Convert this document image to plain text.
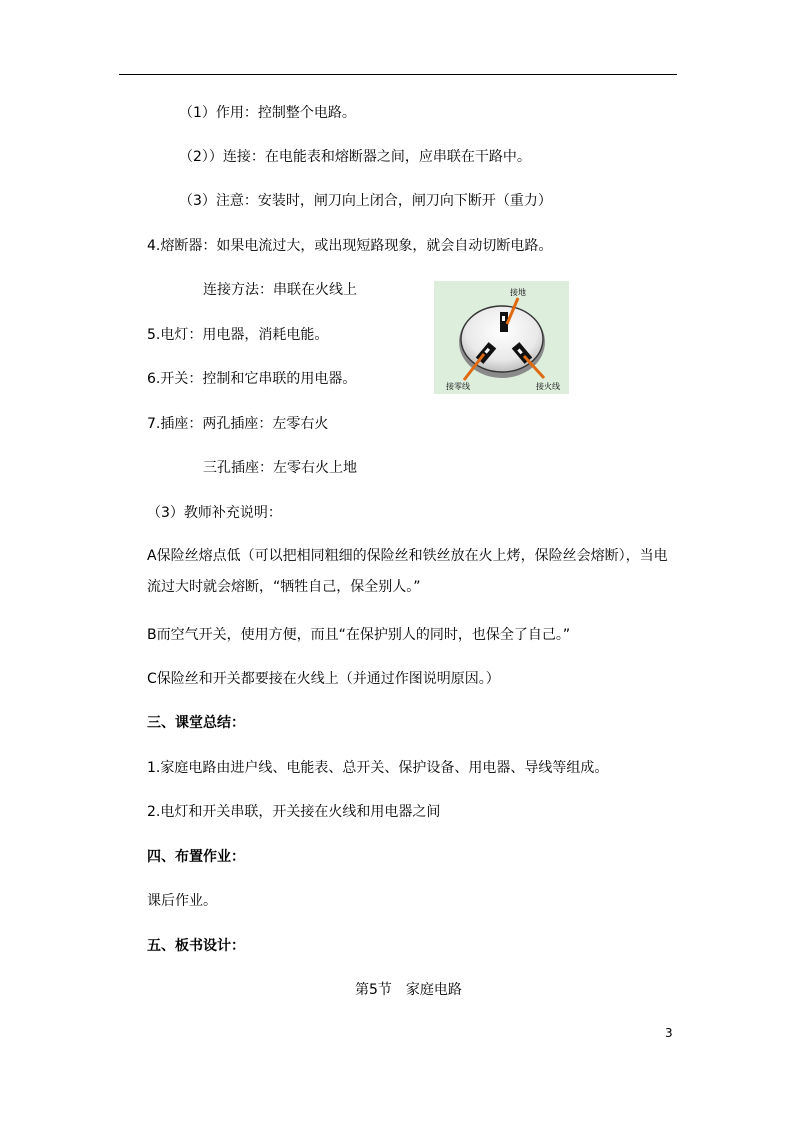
（1）作用：控制整个电路。
（2））连接：在电能表和熔断器之间，应串联在干路中。
（3）注意：安装时，闸刀向上闭合，闸刀向下断开（重力）
4.熔断器：如果电流过大，或出现短路现象，就会自动切断电路。
连接方法：串联在火线上
5.电灯：用电器，消耗电能。
6.开关：控制和它串联的用电器。
7.插座：两孔插座：左零右火
三孔插座：左零右火上地
（3）教师补充说明：
A保险丝熔点低（可以把相同粗细的保险丝和铁丝放在火上烤，保险丝会熔断），当电流过大时就会熔断，“牺牲自己，保全别人。”
B而空气开关，使用方便，而且“在保护别人的同时，也保全了自己。”
C保险丝和开关都要接在火线上（并通过作图说明原因。）
三、课堂总结：
1.家庭电路由进户线、电能表、总开关、保护设备、用电器、导线等组成。
2.电灯和开关串联，开关接在火线和用电器之间
四、布置作业：
课后作业。
五、板书设计：
第5节　家庭电路
3
接地
接零线	接火线
